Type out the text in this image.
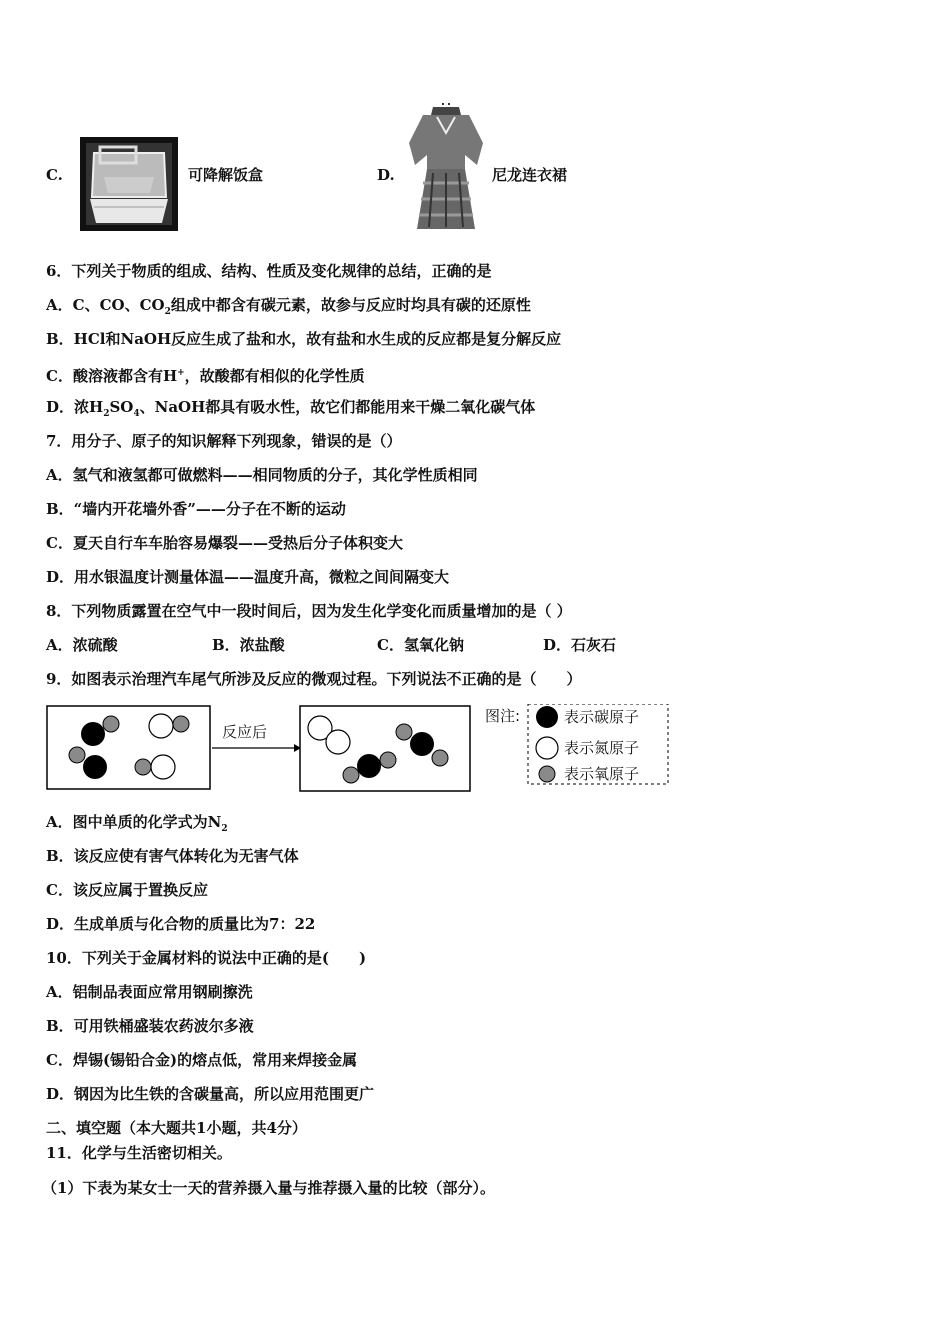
C.	可降解饭盒	D.	尼龙连衣裙
6．下列关于物质的组成、结构、性质及变化规律的总结，正确的是
A．C、CO、$CO_2$组成中都含有碳元素，故参与反应时均具有碳的还原性
B．HCl和NaOH反应生成了盐和水，故有盐和水生成的反应都是复分解反应
C．酸溶液都含有H+，故酸都有相似的化学性质
D．浓$H_2SO_4$、NaOH都具有吸水性，故它们都能用来干燥二氧化碳气体
7．用分子、原子的知识解释下列现象，错误的是（）
A．氢气和液氢都可做燃料——相同物质的分子，其化学性质相同
B．“墙内开花墙外香”——分子在不断的运动
C．夏天自行车车胎容易爆裂——受热后分子体积变大
D．用水银温度计测量体温——温度升高，微粒之间间隔变大
8．下列物质露置在空气中一段时间后，因为发生化学变化而质量增加的是（ ）
A．浓硫酸	B．浓盐酸	C．氢氧化钠	D．石灰石
9．如图表示治理汽车尾气所涉及反应的微观过程。下列说法不正确的是（　　）
反应后
图注:	表示碳原子
表示氮原子
表示氧原子
A．图中单质的化学式为$N_2$
B．该反应使有害气体转化为无害气体
C．该反应属于置换反应
D．生成单质与化合物的质量比为7：22
10．下列关于金属材料的说法中正确的是(　　)
A．铝制品表面应常用钢刷擦洗
B．可用铁桶盛装农药波尔多液
C．焊锡(锡铅合金)的熔点低，常用来焊接金属
D．钢因为比生铁的含碳量高，所以应用范围更广
二、填空题（本大题共1小题，共4分）
11．化学与生活密切相关。
（1）下表为某女士一天的营养摄入量与推荐摄入量的比较（部分）。
